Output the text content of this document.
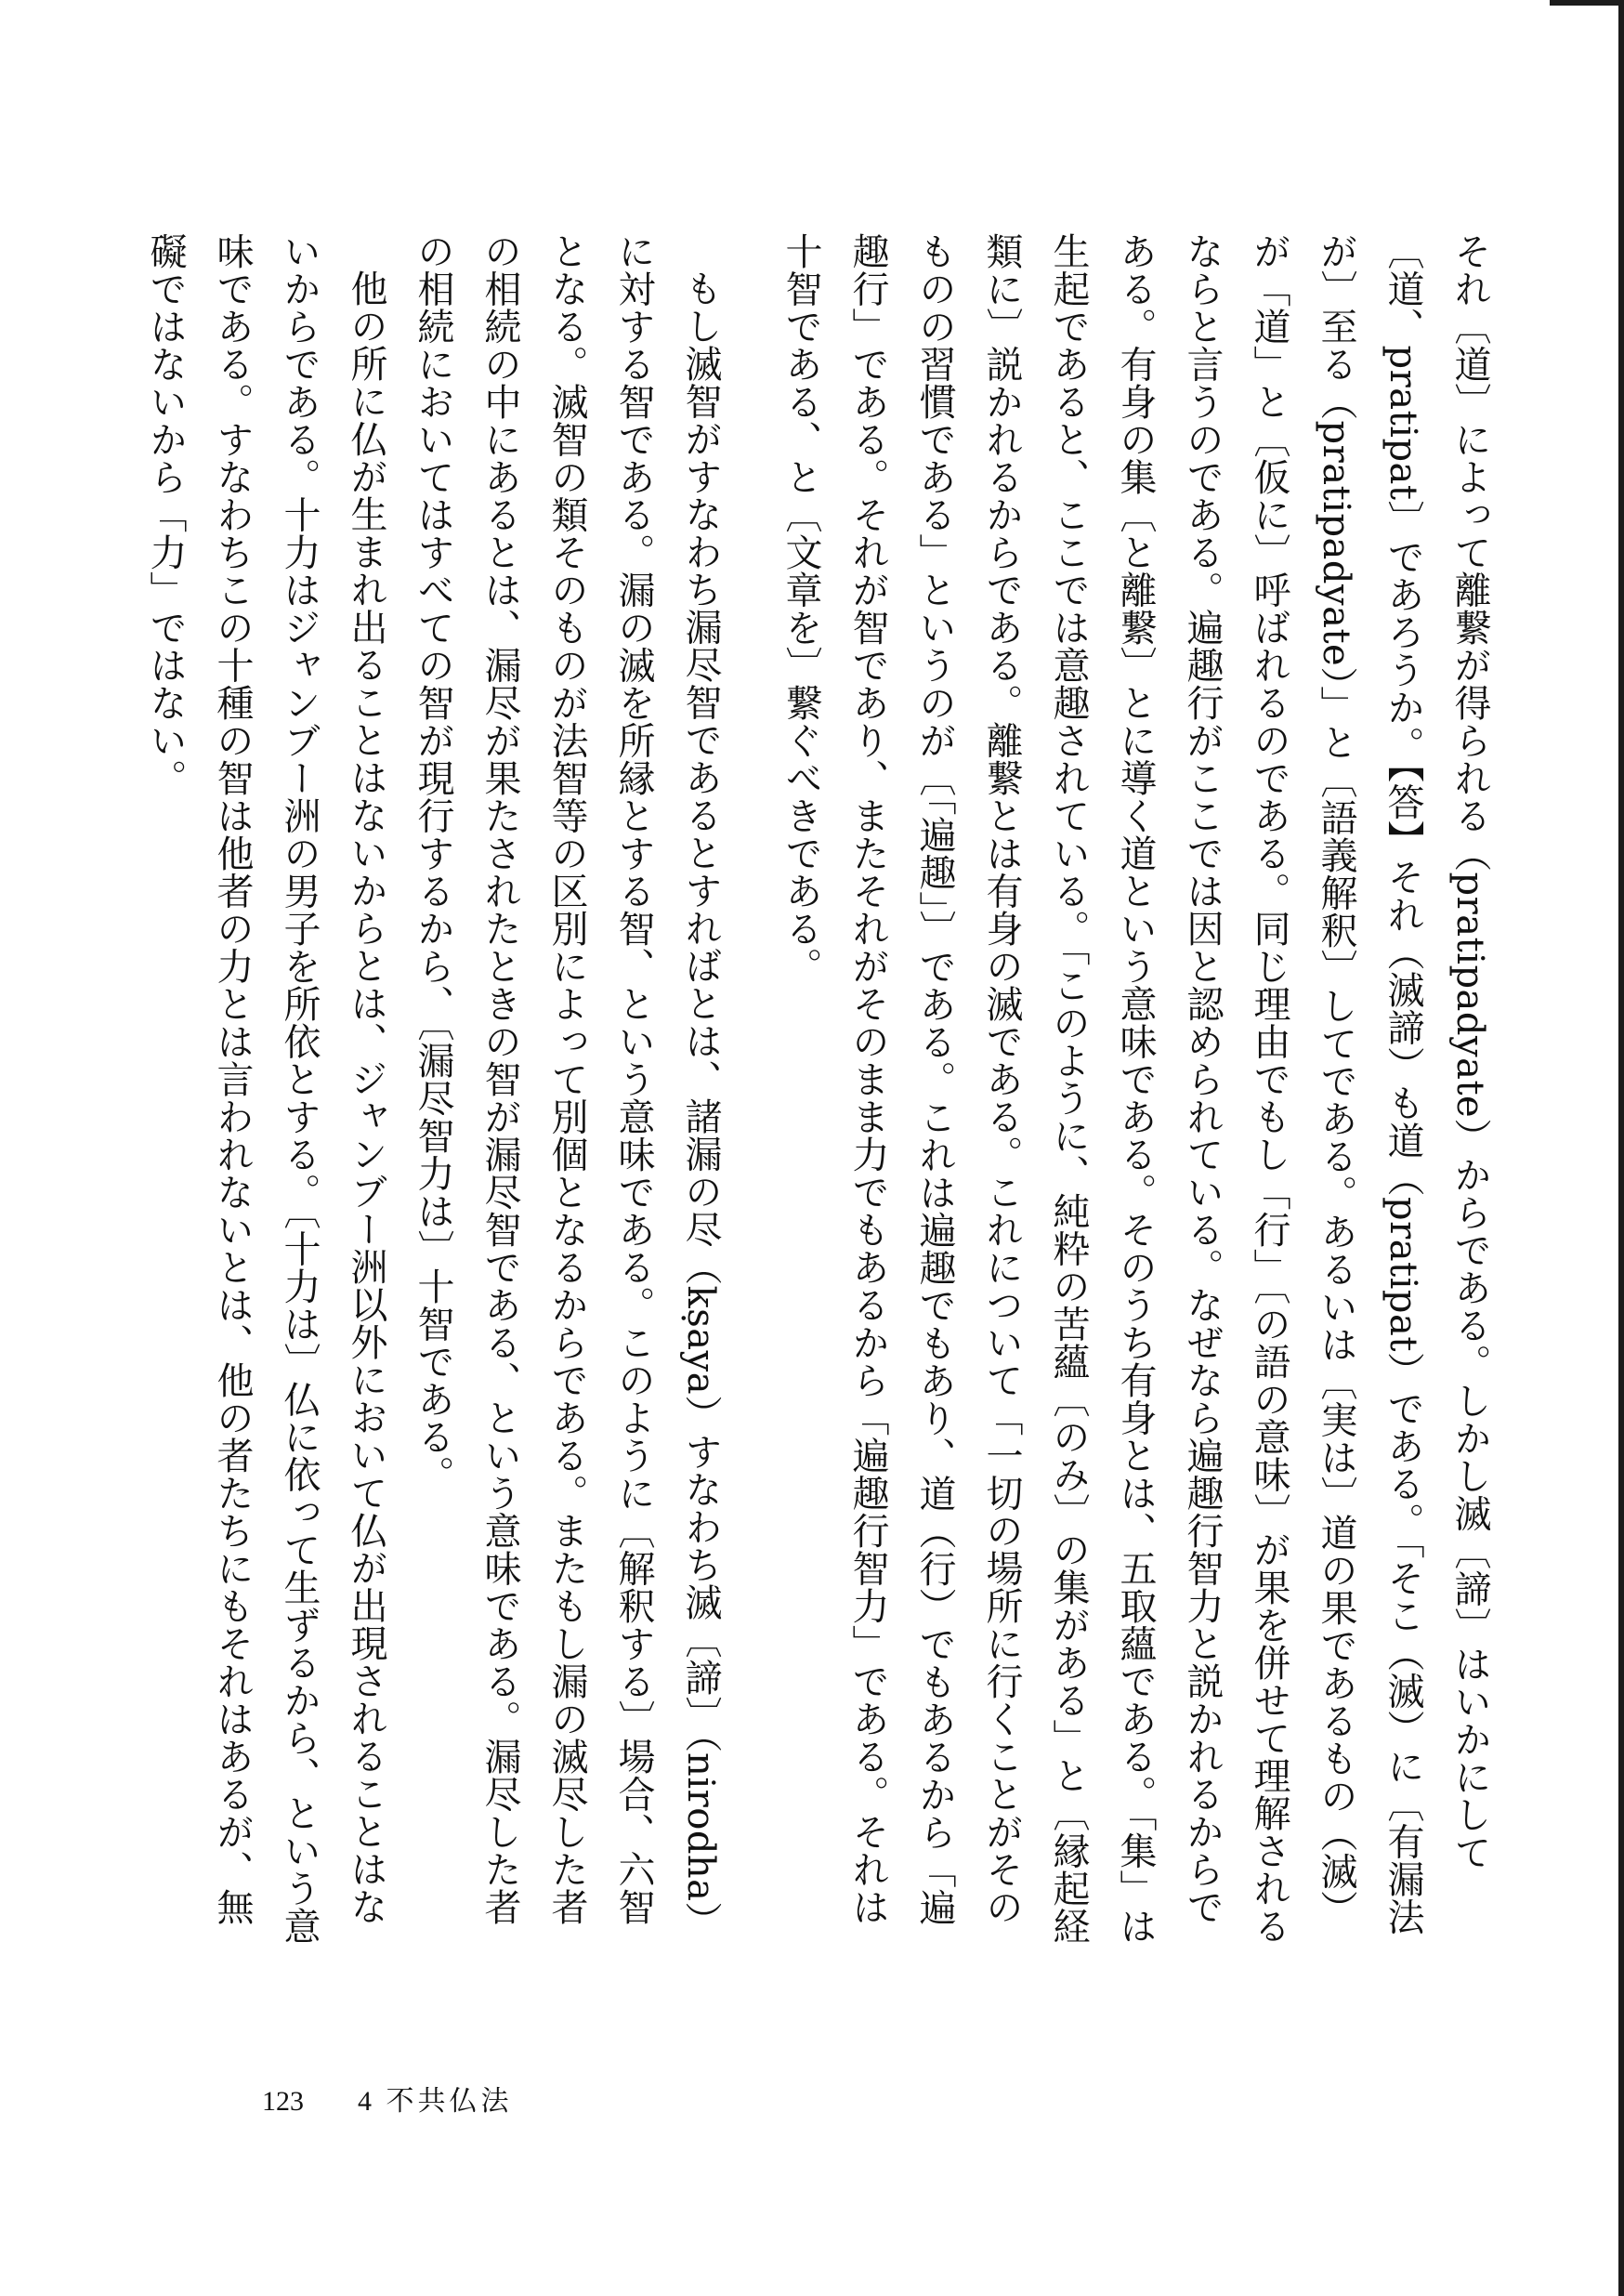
それ〔道〕によって離繋が得られる（pratipadyate）からである。しかし滅〔諦〕はいかにして〔道、pratipat〕であろうか。【答】それ（滅諦）も道（pratipat）である。「そこ（滅）に〔有漏法が〕至る（pratipadyate）」と〔語義解釈〕してである。あるいは〔実は〕道の果であるもの（滅）が「道」と〔仮に〕呼ばれるのである。同じ理由でもし「行」〔の語の意味〕が果を併せて理解されるならと言うのである。遍趣行がここでは因と認められている。なぜなら遍趣行智力と説かれるからである。有身の集〔と離繋〕とに導く道という意味である。そのうち有身とは、五取蘊である。「集」は生起であると、ここでは意趣されている。「このように、純粋の苦蘊〔のみ〕の集がある」と〔縁起経類に〕説かれるからである。離繋とは有身の滅である。これについて「一切の場所に行くことがそのものの習慣である」というのが〔「遍趣」〕である。これは遍趣でもあり、道（行）でもあるから「遍趣行」である。それが智であり、またそれがそのまま力でもあるから「遍趣行智力」である。それは十智である、と〔文章を〕繋ぐべきである。

もし滅智がすなわち漏尽智であるとすればとは、諸漏の尽（kṣaya）すなわち滅〔諦〕（nirodha）に対する智である。漏の滅を所縁とする智、という意味である。このように〔解釈する〕場合、六智となる。滅智の類そのものが法智等の区別によって別個となるからである。またもし漏の滅尽した者の相続の中にあるとは、漏尽が果たされたときの智が漏尽智である、という意味である。漏尽した者の相続においてはすべての智が現行するから、〔漏尽智力は〕十智である。

他の所に仏が生まれ出ることはないからとは、ジャンブー洲以外において仏が出現されることはないからである。十力はジャンブー洲の男子を所依とする。〔十力は〕仏に依って生ずるから、という意味である。すなわちこの十種の智は他者の力とは言われないとは、他の者たちにもそれはあるが、無礙ではないから「力」ではない。

123 4 不共仏法
